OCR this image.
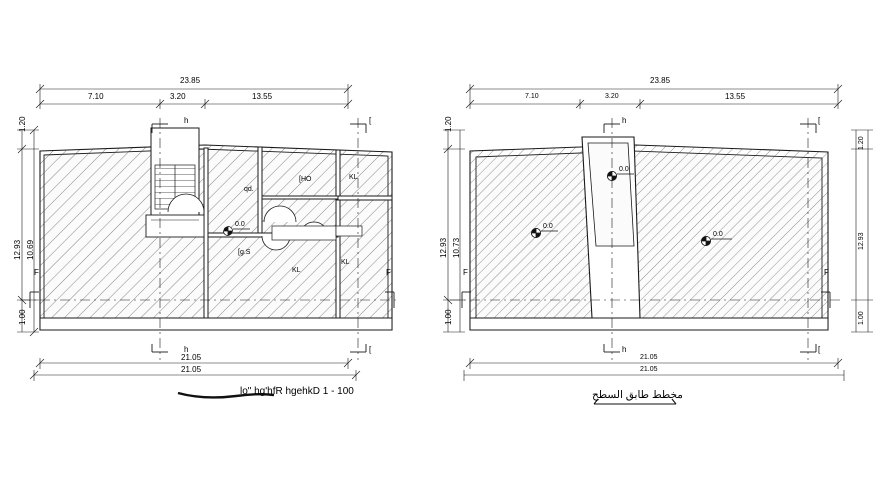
23.85
7.10	3.20	13.55
1.20
12.93 10.69
1.00
h	[
h	[
F	F
qd.
[HO	KL
[g.S
KL
KL
0.0
21.05
21.05
lo" hg'hfR hgehkD 1 - 100
23.85
7.10	3.20	13.55
1.20
10.73
12.93
1.00
1.20
12.93
1.00
h	[
h	[
F	F
0.0
0.0
0.0
21.05
21.05
مخطط طابق السطح
